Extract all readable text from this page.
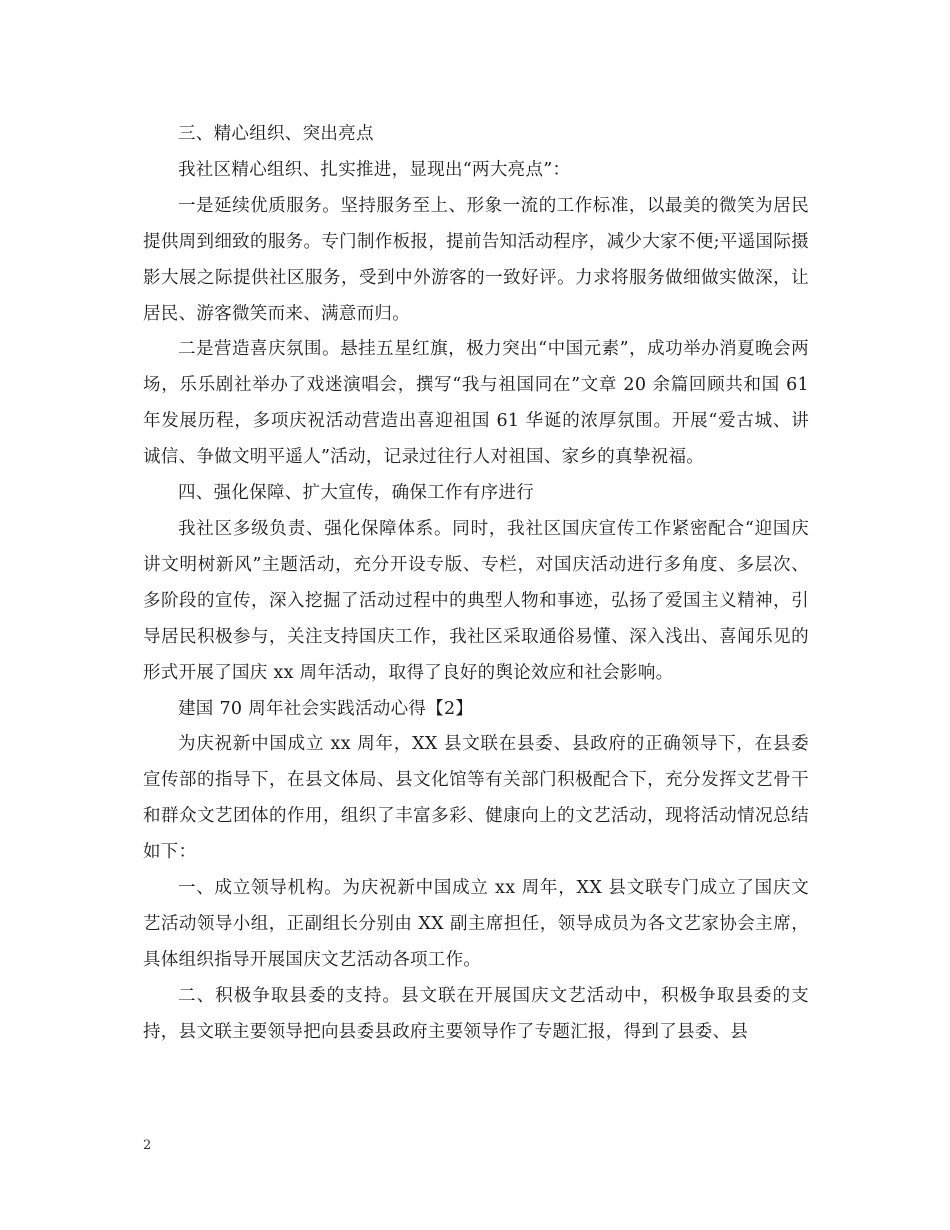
三、精心组织、突出亮点

我社区精心组织、扎实推进，显现出“两大亮点”：

一是延续优质服务。坚持服务至上、形象一流的工作标准，以最美的微笑为居民提供周到细致的服务。专门制作板报，提前告知活动程序，减少大家不便;平遥国际摄影大展之际提供社区服务，受到中外游客的一致好评。力求将服务做细做实做深，让居民、游客微笑而来、满意而归。

二是营造喜庆氛围。悬挂五星红旗，极力突出“中国元素”，成功举办消夏晚会两场，乐乐剧社举办了戏迷演唱会，撰写“我与祖国同在”文章 20 余篇回顾共和国 61 年发展历程，多项庆祝活动营造出喜迎祖国 61 华诞的浓厚氛围。开展“爱古城、讲诚信、争做文明平遥人”活动，记录过往行人对祖国、家乡的真挚祝福。

四、强化保障、扩大宣传，确保工作有序进行

我社区多级负责、强化保障体系。同时，我社区国庆宣传工作紧密配合“迎国庆讲文明树新风”主题活动，充分开设专版、专栏，对国庆活动进行多角度、多层次、多阶段的宣传，深入挖掘了活动过程中的典型人物和事迹，弘扬了爱国主义精神，引导居民积极参与，关注支持国庆工作，我社区采取通俗易懂、深入浅出、喜闻乐见的形式开展了国庆 xx 周年活动，取得了良好的舆论效应和社会影响。

建国 70 周年社会实践活动心得【2】

为庆祝新中国成立 xx 周年，XX 县文联在县委、县政府的正确领导下，在县委宣传部的指导下，在县文体局、县文化馆等有关部门积极配合下，充分发挥文艺骨干和群众文艺团体的作用，组织了丰富多彩、健康向上的文艺活动，现将活动情况总结如下：

一、成立领导机构。为庆祝新中国成立 xx 周年，XX 县文联专门成立了国庆文艺活动领导小组，正副组长分别由 XX 副主席担任，领导成员为各文艺家协会主席，具体组织指导开展国庆文艺活动各项工作。

二、积极争取县委的支持。县文联在开展国庆文艺活动中，积极争取县委的支持，县文联主要领导把向县委县政府主要领导作了专题汇报，得到了县委、县

2
